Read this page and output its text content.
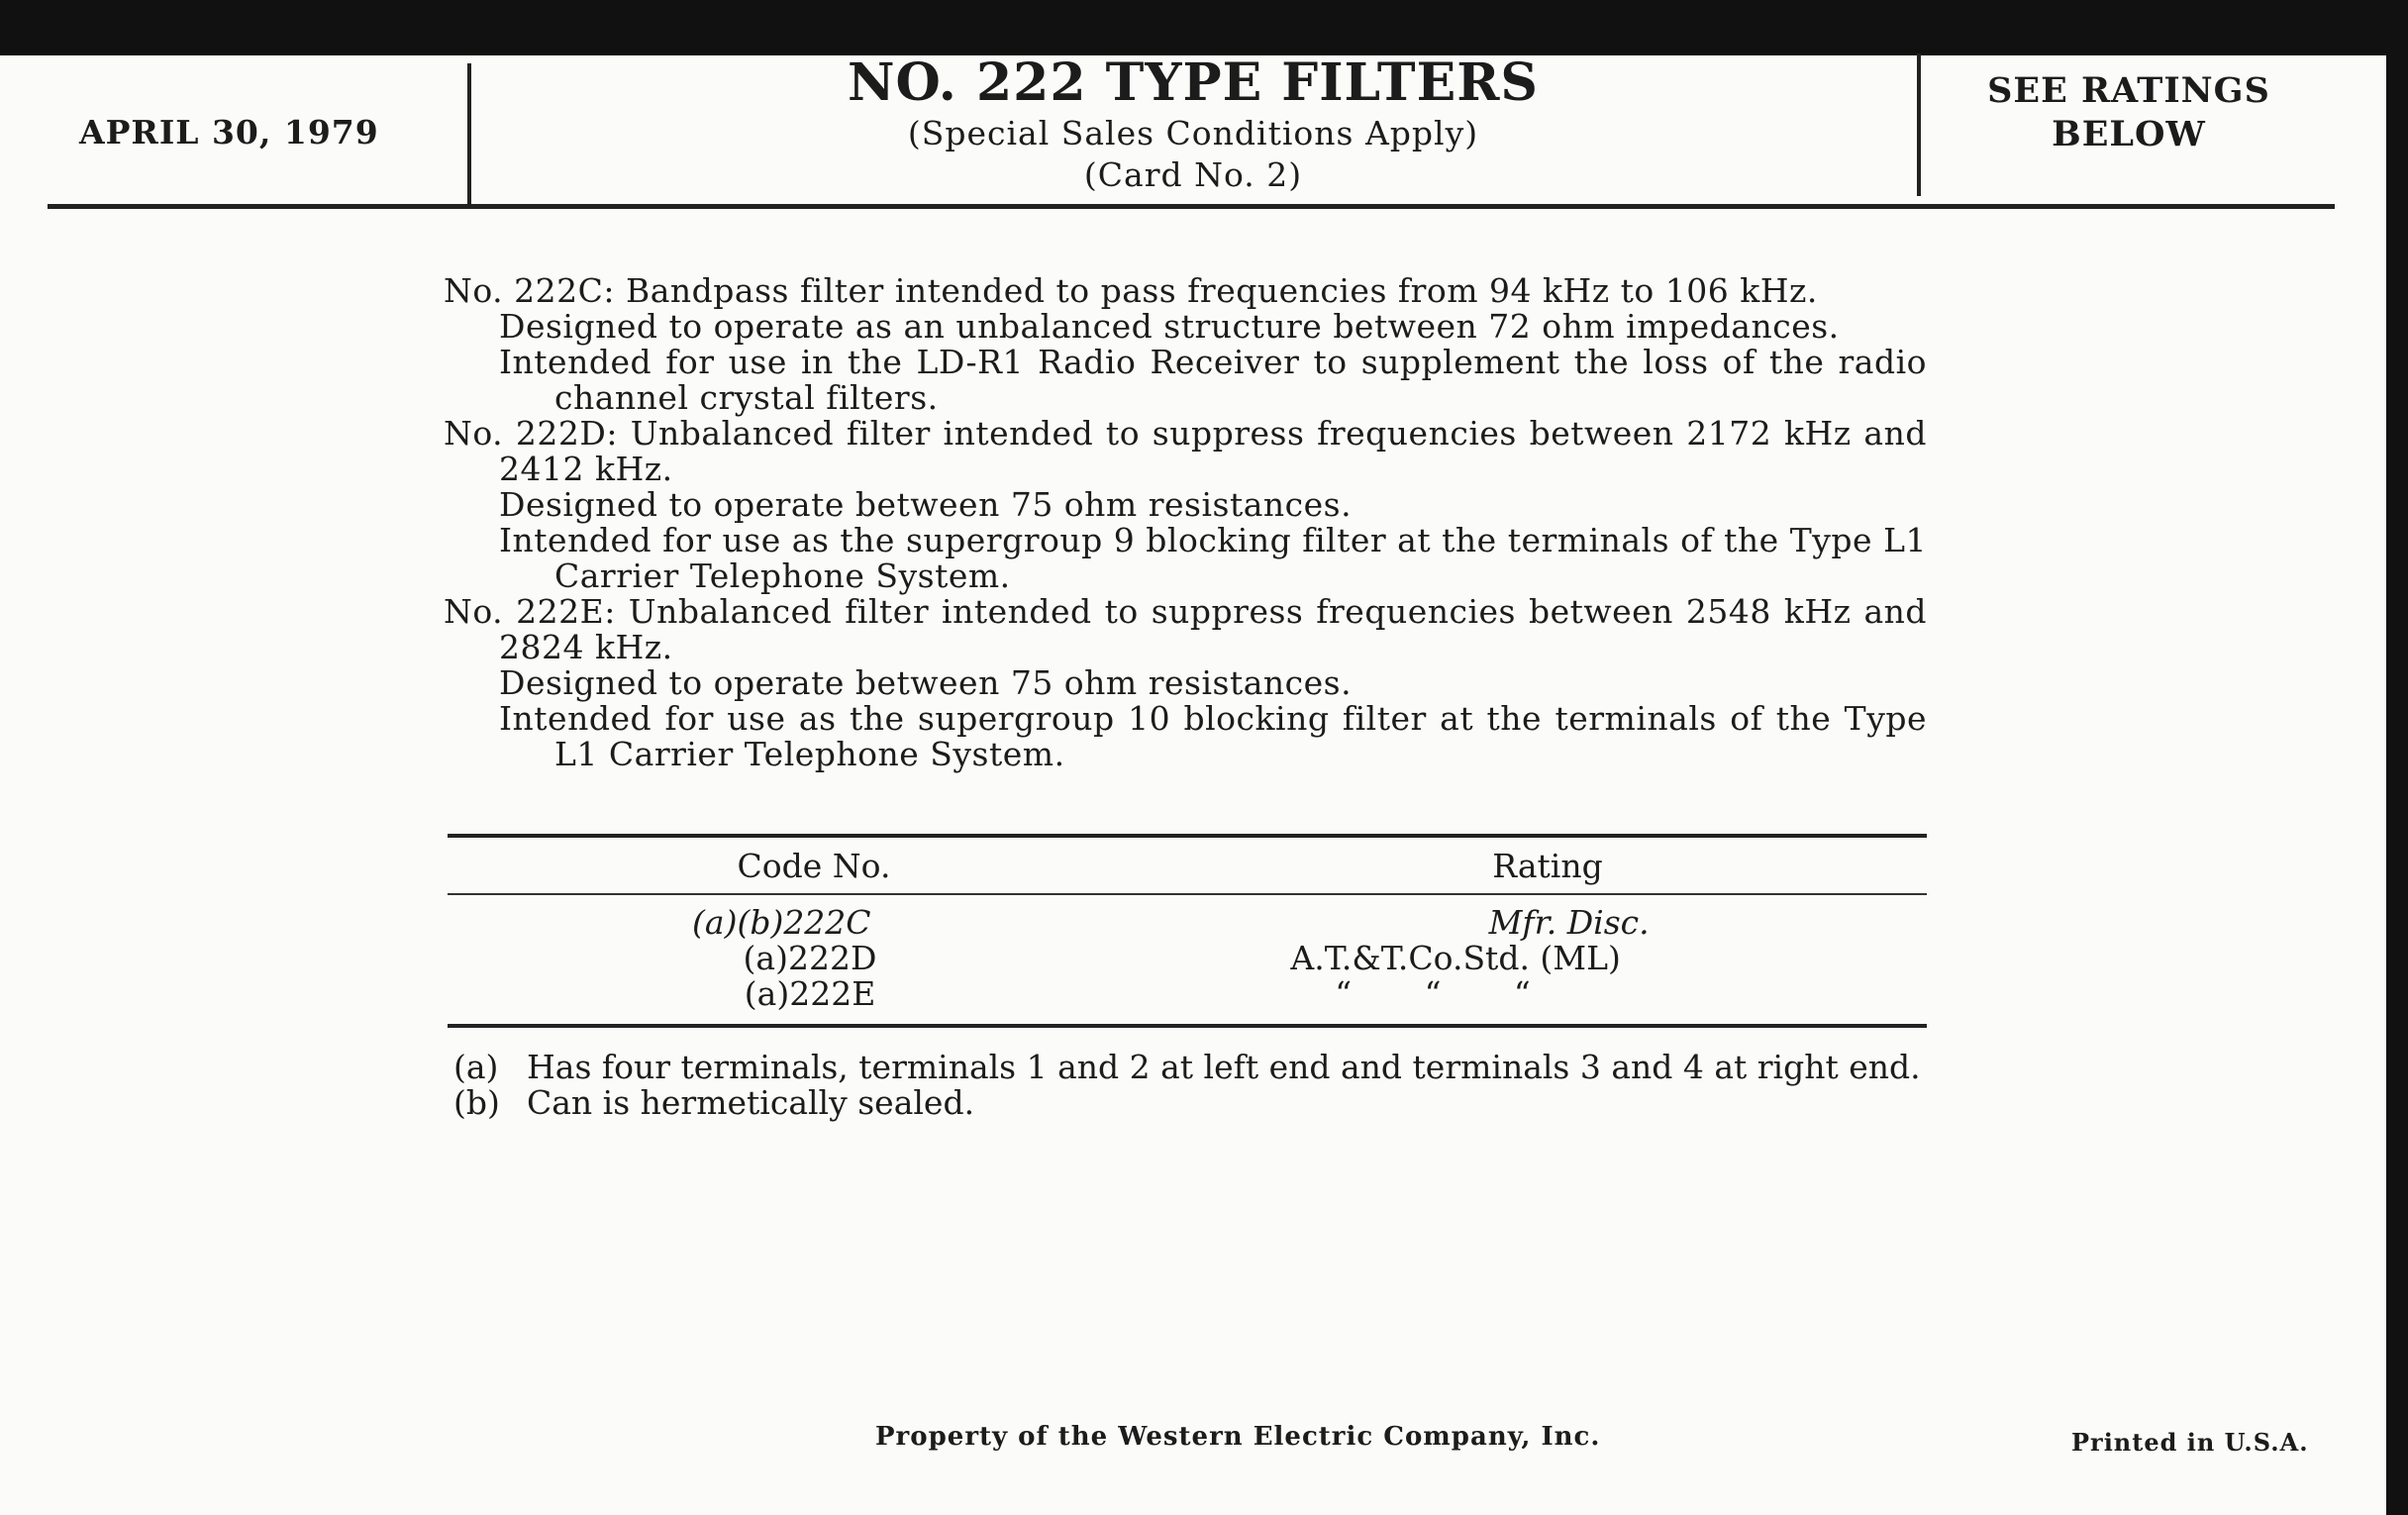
APRIL 30, 1979
NO. 222 TYPE FILTERS
(Special Sales Conditions Apply)
(Card No. 2)
SEE RATINGS
BELOW

No. 222C: Bandpass filter intended to pass frequencies from 94 kHz to 106 kHz.

Designed to operate as an unbalanced structure between 72 ohm impedances.

Intended for use in the LD-R1 Radio Receiver to supplement the loss of the radio channel crystal filters.

No. 222D: Unbalanced filter intended to suppress frequencies between 2172 kHz and 2412 kHz.

Designed to operate between 75 ohm resistances.

Intended for use as the supergroup 9 blocking filter at the terminals of the Type L1 Carrier Telephone System.

No. 222E: Unbalanced filter intended to suppress frequencies between 2548 kHz and 2824 kHz.

Designed to operate between 75 ohm resistances.

Intended for use as the supergroup 10 blocking filter at the terminals of the Type L1 Carrier Telephone System.

Code No.	Rating
(a)(b)222C	Mfr. Disc.
(a)222D	A.T.&T.Co.Std. (ML)
(a)222E	“       “       “
(a) Has four terminals, terminals 1 and 2 at left end and terminals 3 and 4 at right end.
(b) Can is hermetically sealed.
Property of the Western Electric Company, Inc.	Printed in U.S.A.
